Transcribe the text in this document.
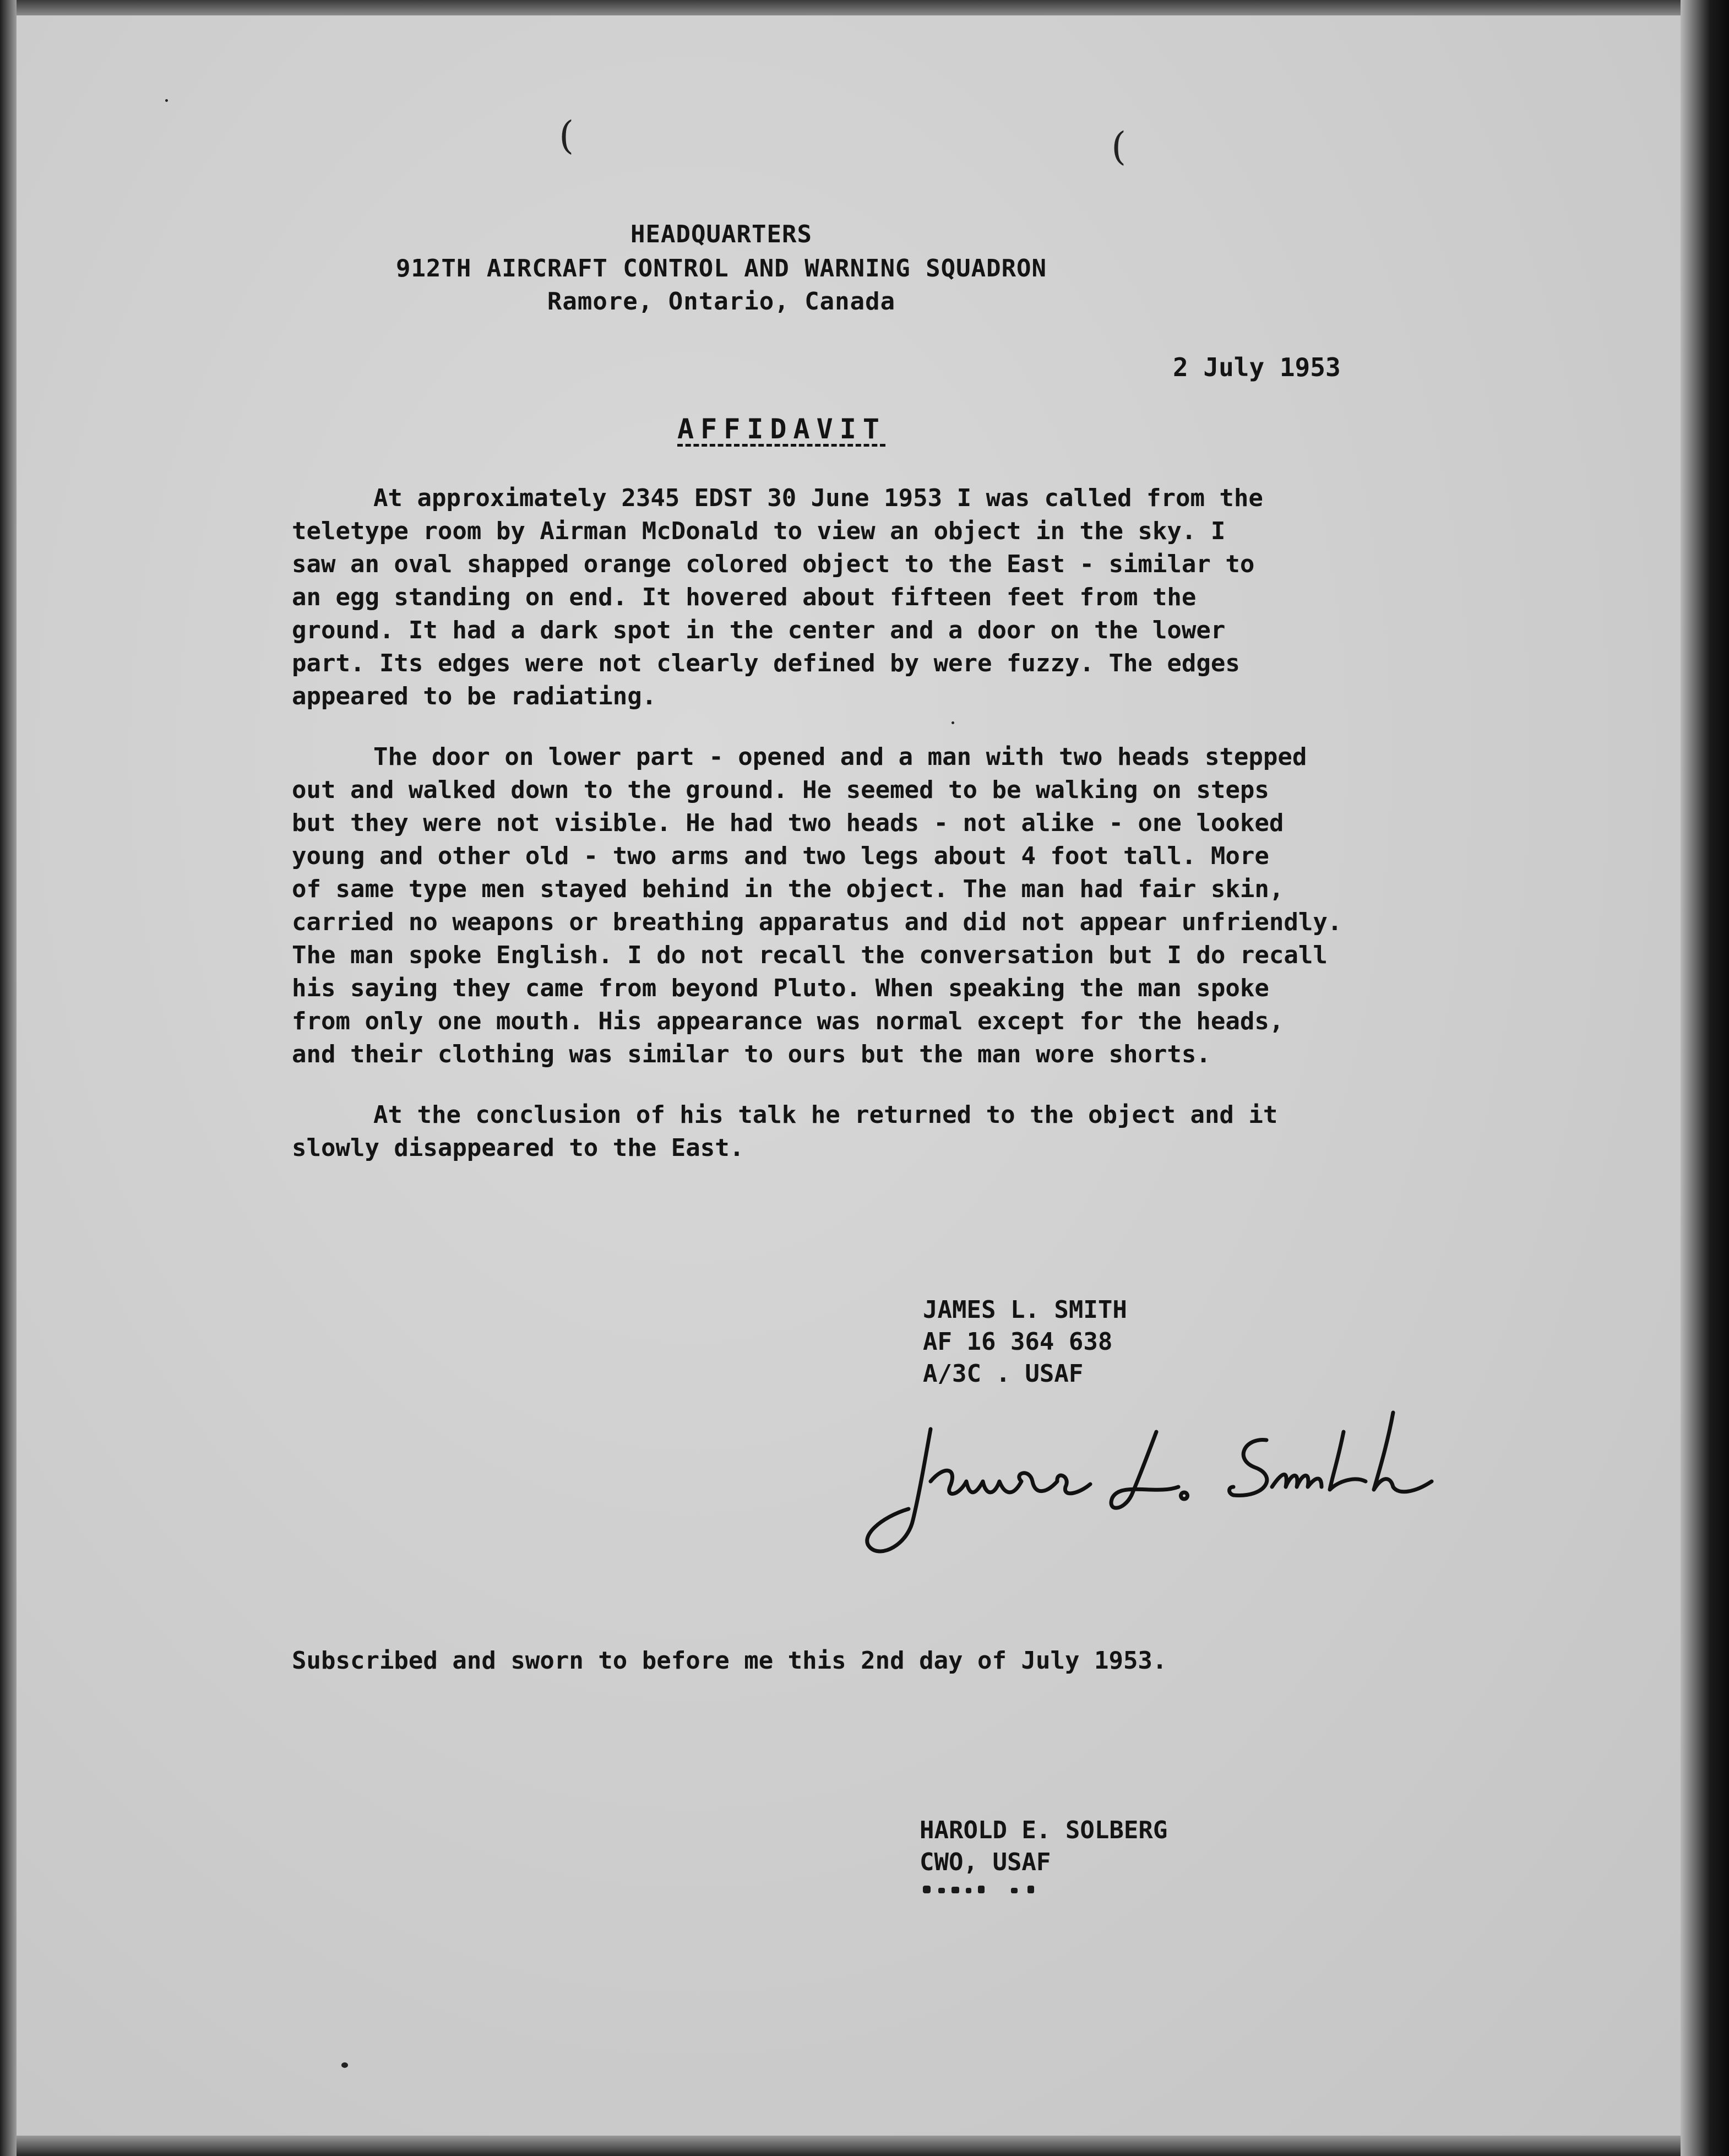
(	(
HEADQUARTERS
912TH AIRCRAFT CONTROL AND WARNING SQUADRON
Ramore, Ontario, Canada
2 July 1953
AFFIDAVIT
At approximately 2345 EDST 30 June 1953 I was called from the
teletype room by Airman McDonald to view an object in the sky. I
saw an oval shapped orange colored object to the East - similar to
an egg standing on end. It hovered about fifteen feet from the
ground. It had a dark spot in the center and a door on the lower
part. Its edges were not clearly defined by were fuzzy. The edges
appeared to be radiating.
The door on lower part - opened and a man with two heads stepped
out and walked down to the ground. He seemed to be walking on steps
but they were not visible. He had two heads - not alike - one looked
young and other old - two arms and two legs about 4 foot tall. More
of same type men stayed behind in the object. The man had fair skin,
carried no weapons or breathing apparatus and did not appear unfriendly.
The man spoke English. I do not recall the conversation but I do recall
his saying they came from beyond Pluto. When speaking the man spoke
from only one mouth. His appearance was normal except for the heads,
and their clothing was similar to ours but the man wore shorts.
At the conclusion of his talk he returned to the object and it
slowly disappeared to the East.
JAMES L. SMITH
AF 16 364 638
A/3C . USAF
Subscribed and sworn to before me this 2nd day of July 1953.
HAROLD E. SOLBERG
CWO, USAF
